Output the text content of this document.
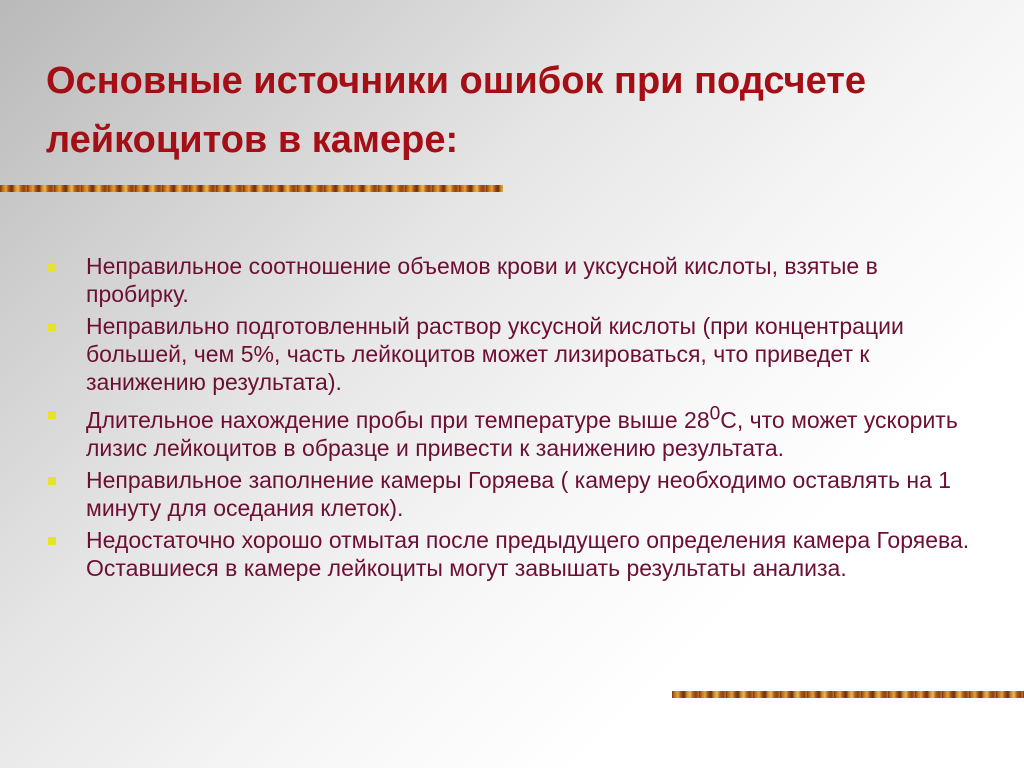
Основные источники ошибок при подсчете лейкоцитов в камере:
Неправильное соотношение объемов крови и уксусной кислоты, взятые в пробирку.
Неправильно подготовленный раствор уксусной кислоты (при концентрации большей, чем 5%, часть лейкоцитов может лизироваться, что приведет к занижению результата).
Длительное нахождение пробы при температуре выше $28^0С$, что может ускорить лизис лейкоцитов в образце и привести к занижению результата.
Неправильное заполнение камеры Горяева ( камеру необходимо оставлять на 1 минуту для оседания клеток).
Недостаточно хорошо отмытая после предыдущего определения камера Горяева. Оставшиеся в камере лейкоциты могут завышать результаты анализа.
